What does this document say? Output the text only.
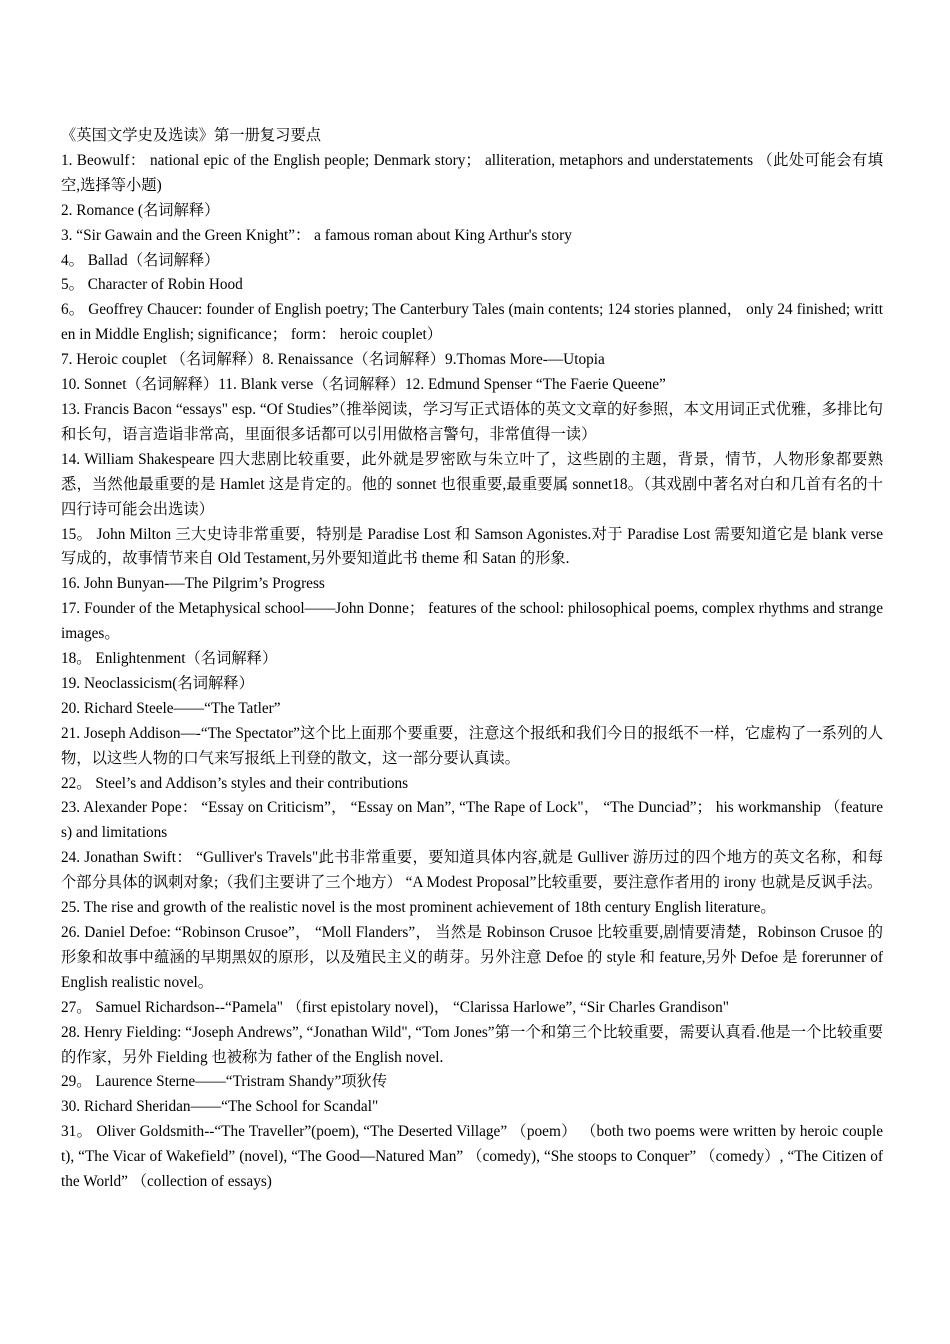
《英国文学史及选读》第一册复习要点

1. Beowulf： national epic of the English people; Denmark story； alliteration, metaphors and understatements （此处可能会有填空,选择等小题)

2. Romance (名词解释）

3. “Sir Gawain and the Green Knight”： a famous roman about King Arthur's story

4。 Ballad（名词解释）

5。 Character of Robin Hood

6。 Geoffrey Chaucer: founder of English poetry; The Canterbury Tales (main contents; 124 stories planned， only 24 finished; written in Middle English; significance； form： heroic couplet）

7. Heroic couplet （名词解释）8. Renaissance（名词解释）9.Thomas More-—Utopia

10. Sonnet（名词解释）11. Blank verse（名词解释）12. Edmund Spenser “The Faerie Queene”

13. Francis Bacon “essays" esp. “Of Studies”（推举阅读，学习写正式语体的英文文章的好参照，本文用词正式优雅，多排比句和长句，语言造诣非常高，里面很多话都可以引用做格言警句，非常值得一读）

14. William Shakespeare 四大悲剧比较重要，此外就是罗密欧与朱立叶了，这些剧的主题，背景，情节，人物形象都要熟悉，当然他最重要的是 Hamlet 这是肯定的。他的 sonnet 也很重要,最重要属 sonnet18。（其戏剧中著名对白和几首有名的十四行诗可能会出选读）

15。 John Milton 三大史诗非常重要，特别是 Paradise Lost 和 Samson Agonistes.对于 Paradise Lost 需要知道它是 blank verse 写成的，故事情节来自 Old Testament,另外要知道此书 theme 和 Satan 的形象.

16. John Bunyan-—The Pilgrim’s Progress

17. Founder of the Metaphysical school——John Donne； features of the school: philosophical poems, complex rhythms and strange images。

18。 Enlightenment（名词解释）

19. Neoclassicism(名词解释）

20. Richard Steele——“The Tatler”

21. Joseph Addison—-“The Spectator”这个比上面那个要重要，注意这个报纸和我们今日的报纸不一样，它虚构了一系列的人物，以这些人物的口气来写报纸上刊登的散文，这一部分要认真读。

22。 Steel’s and Addison’s styles and their contributions

23. Alexander Pope： “Essay on Criticism”， “Essay on Man”, “The Rape of Lock"， “The Dunciad”； his workmanship （features) and limitations

24. Jonathan Swift： “Gulliver's Travels"此书非常重要，要知道具体内容,就是 Gulliver 游历过的四个地方的英文名称，和每个部分具体的讽刺对象;（我们主要讲了三个地方） “A Modest Proposal”比较重要，要注意作者用的 irony 也就是反讽手法。

25. The rise and growth of the realistic novel is the most prominent achievement of 18th century English literature。

26. Daniel Defoe: “Robinson Crusoe”， “Moll Flanders”， 当然是 Robinson Crusoe 比较重要,剧情要清楚，Robinson Crusoe 的形象和故事中蕴涵的早期黑奴的原形，以及殖民主义的萌芽。另外注意 Defoe 的 style 和 feature,另外 Defoe 是 forerunner of English realistic novel。

27。 Samuel Richardson--“Pamela" （first epistolary novel)， “Clarissa Harlowe”, “Sir Charles Grandison"

28. Henry Fielding: “Joseph Andrews”, “Jonathan Wild", “Tom Jones”第一个和第三个比较重要，需要认真看.他是一个比较重要的作家，另外 Fielding 也被称为 father of the English novel.

29。 Laurence Sterne——“Tristram Shandy”项狄传

30. Richard Sheridan——“The School for Scandal"

31。 Oliver Goldsmith--“The Traveller”(poem), “The Deserted Village” （poem） （both two poems were written by heroic couplet), “The Vicar of Wakefield” (novel), “The Good—Natured Man” （comedy), “She stoops to Conquer” （comedy）, “The Citizen of the World” （collection of essays)
